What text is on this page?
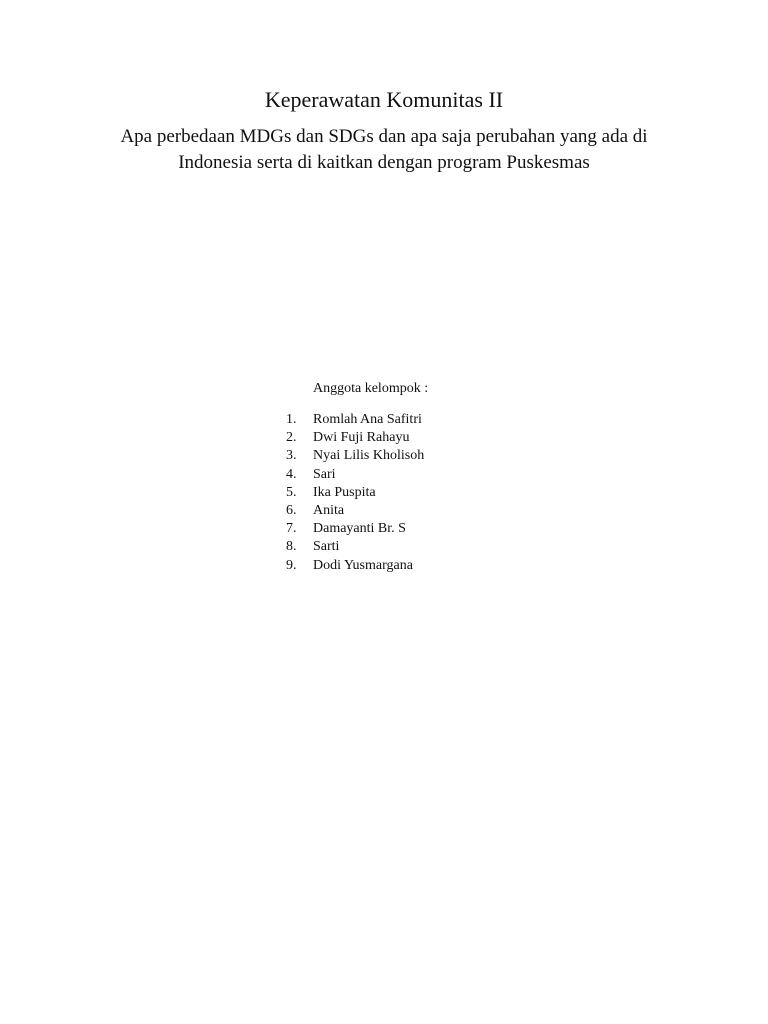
Keperawatan Komunitas II
Apa perbedaan MDGs dan SDGs dan apa saja perubahan yang ada di Indonesia serta di kaitkan dengan program Puskesmas
Anggota kelompok :
1.	Romlah Ana Safitri
2.	Dwi Fuji Rahayu
3.	Nyai Lilis Kholisoh
4.	Sari
5.	Ika Puspita
6.	Anita
7.	Damayanti Br. S
8.	Sarti
9.	Dodi Yusmargana
